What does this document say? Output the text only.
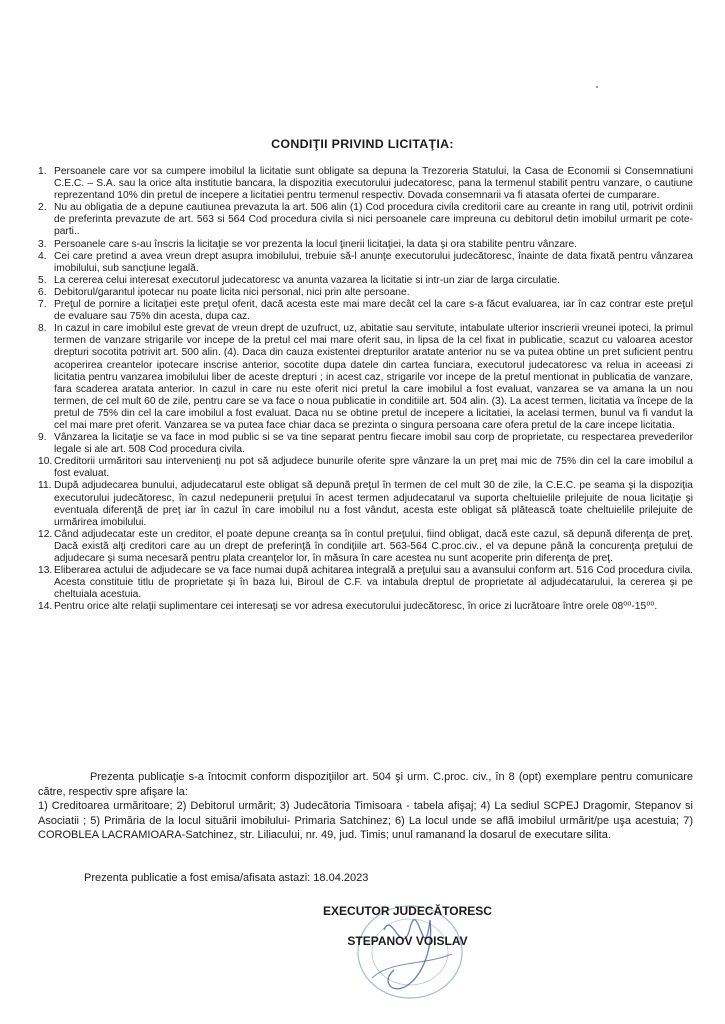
CONDIŢII PRIVIND LICITAŢIA:
1. Persoanele care vor sa cumpere imobilul la licitatie sunt obligate sa depuna la Trezoreria Statului, la Casa de Economii si Consemnatiuni C.E.C. – S.A. sau la orice alta institutie bancara, la dispozitia executorului judecatoresc, pana la termenul stabilit pentru vanzare, o cautiune reprezentand 10% din pretul de incepere a licitatiei pentru termenul respectiv. Dovada consemnarii va fi atasata ofertei de cumparare.
2. Nu au obligatia de a depune cautiunea prevazuta la art. 506 alin (1) Cod procedura civila creditorii care au creante in rang util, potrivit ordinii de preferinta prevazute de art. 563 si 564 Cod procedura civila si nici persoanele care impreuna cu debitorul detin imobilul urmarit pe cote-parti..
3. Persoanele care s-au înscris la licitaţie se vor prezenta la locul ţinerii licitaţiei, la data şi ora stabilite pentru vânzare.
4. Cei care pretind a avea vreun drept asupra imobilului, trebuie să-l anunţe executorului judecătoresc, înainte de data fixată pentru vânzarea imobilului, sub sancţiune legală.
5. La cererea celui interesat executorul judecatoresc va anunta vazarea la licitatie si intr-un ziar de larga circulatie.
6. Debitorul/garantul ipotecar nu poate licita nici personal, nici prin alte persoane.
7. Preţul de pornire a licitaţiei este preţul oferit, dacă acesta este mai mare decât cel la care s-a făcut evaluarea, iar în caz contrar este preţul de evaluare sau 75% din acesta, dupa caz.
8. In cazul in care imobilul este grevat de vreun drept de uzufruct, uz, abitatie sau servitute, intabulate ulterior inscrierii vreunei ipoteci, la primul termen de vanzare strigarile vor incepe de la pretul cel mai mare oferit sau, in lipsa de la cel fixat in publicatie, scazut cu valoarea acestor drepturi socotita potrivit art. 500 alin. (4). Daca din cauza existentei drepturilor aratate anterior nu se va putea obtine un pret suficient pentru acoperirea creantelor ipotecare inscrise anterior, socotite dupa datele din cartea funciara, executorul judecatoresc va relua in aceeasi zi licitatia pentru vanzarea imobilului liber de aceste drepturi ; in acest caz, strigarile vor incepe de la pretul mentionat in publicatia de vanzare, fara scaderea aratata anterior. In cazul in care nu este oferit nici pretul la care imobilul a fost evaluat, vanzarea se va amana la un nou termen, de cel mult 60 de zile, pentru care se va face o noua publicatie in conditiile art. 504 alin. (3). La acest termen, licitatia va începe de la pretul de 75% din cel la care imobilul a fost evaluat. Daca nu se obtine pretul de incepere a licitatiei, la acelasi termen, bunul va fi vandut la cel mai mare pret oferit. Vanzarea se va putea face chiar daca se prezinta o singura persoana care ofera pretul de la care incepe licitatia.
9. Vânzarea la licitaţie se va face in mod public si se va tine separat pentru fiecare imobil sau corp de proprietate, cu respectarea prevederilor legale si ale art. 508 Cod procedura civila.
10. Creditorii urmăritori sau intervenienţi nu pot să adjudece bunurile oferite spre vânzare la un preţ mai mic de 75% din cel la care imobilul a fost evaluat.
11. După adjudecarea bunului, adjudecatarul este obligat să depună preţul în termen de cel mult 30 de zile, la C.E.C. pe seama şi la dispoziţia executorului judecătoresc, în cazul nedepunerii preţului în acest termen adjudecatarul va suporta cheltuielile prilejuite de noua licitaţie şi eventuala diferenţă de preţ iar în cazul în care imobilul nu a fost vândut, acesta este obligat să plătească toate cheltuielile prilejuite de urmărirea imobilului.
12. Când adjudecatar este un creditor, el poate depune creanţa sa în contul preţului, fiind obligat, dacă este cazul, să depună diferenţa de preţ. Dacă există alţi creditori care au un drept de preferinţă în condiţiile art. 563-564 C.proc.civ., el va depune până la concurenţa preţului de adjudecare şi suma necesară pentru plata creanţelor lor, în măsura în care acestea nu sunt acoperite prin diferenţa de preţ.
13. Eliberarea actului de adjudecare se va face numai după achitarea integrală a preţului sau a avansului conform art. 516 Cod procedura civila. Acesta constituie titlu de proprietate şi în baza lui, Biroul de C.F. va intabula dreptul de proprietate al adjudecatarului, la cererea şi pe cheltuiala acestuia.
14. Pentru orice alte relaţii suplimentare cei interesaţi se vor adresa executorului judecătoresc, în orice zi lucrătoare între orele 08⁰⁰-15⁰⁰.

Prezenta publicaţie s-a întocmit conform dispoziţiilor art. 504 şi urm. C.proc. civ., în 8 (opt) exemplare pentru comunicare către, respectiv spre afişare la:

1) Creditoarea urmăritoare; 2) Debitorul urmărit; 3) Judecătoria Timisoara - tabela afişaj; 4) La sediul SCPEJ Dragomir, Stepanov si Asociatii ; 5) Primăria de la locul situării imobilului- Primaria Satchinez; 6) La locul unde se află imobilul urmărit/pe uşa acestuia; 7) COROBLEA LACRAMIOARA-Satchinez, str. Liliacului, nr. 49, jud. Timis; unul ramanand la dosarul de executare silita.

Prezenta publicatie a fost emisa/afisata astazi: 18.04.2023
EXECUTOR JUDECĂTORESC
STEPANOV VOISLAV
